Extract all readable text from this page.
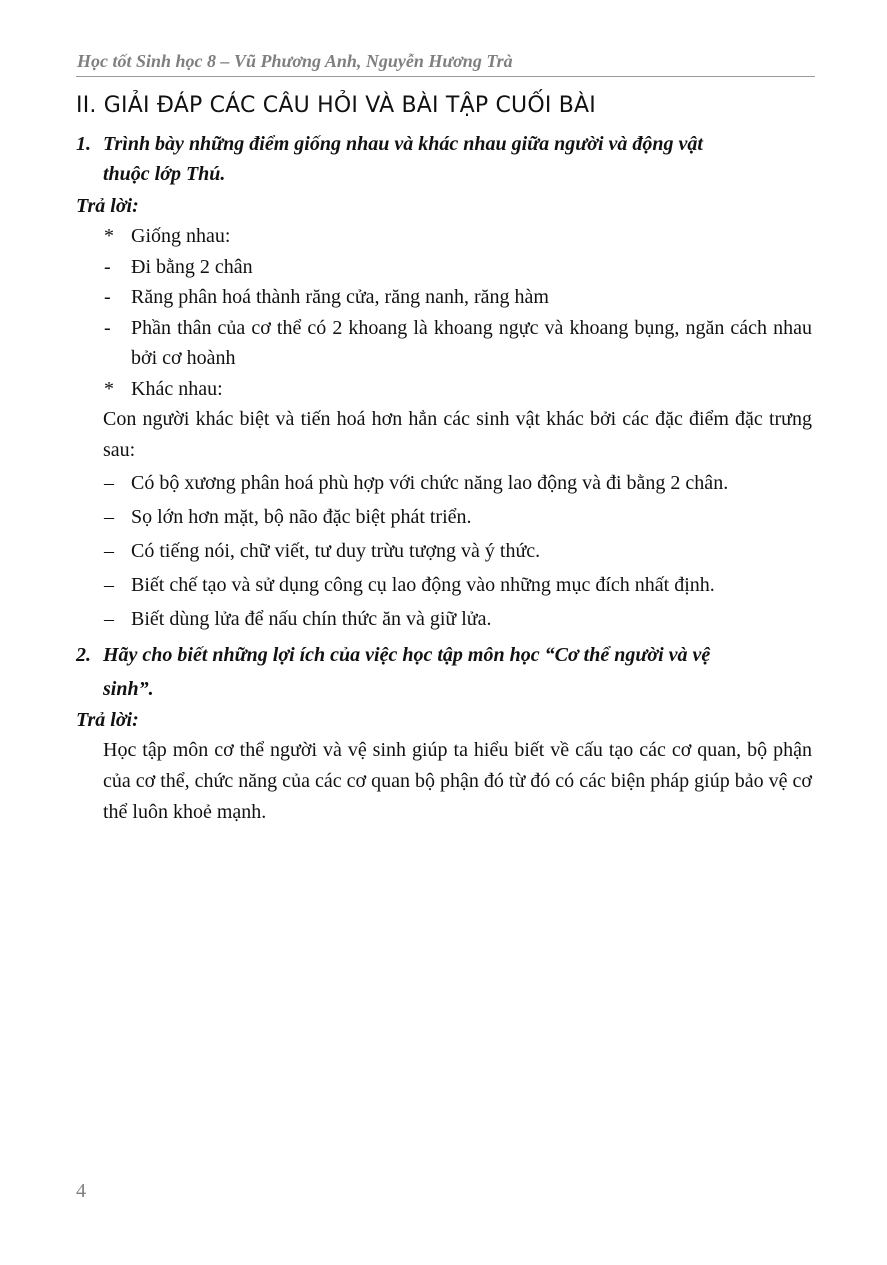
Học tốt Sinh học 8 – Vũ Phương Anh, Nguyễn Hương Trà
II. GIẢI ĐÁP CÁC CÂU HỎI VÀ BÀI TẬP CUỐI BÀI
1. Trình bày những điểm giống nhau và khác nhau giữa người và động vật
thuộc lớp Thú.
Trả lời:
* Giống nhau:
- Đi bằng 2 chân
- Răng phân hoá thành răng cửa, răng nanh, răng hàm
- Phần thân của cơ thể có 2 khoang là khoang ngực và khoang bụng, ngăn cách nhau bởi cơ hoành
* Khác nhau:
Con người khác biệt và tiến hoá hơn hẳn các sinh vật khác bởi các đặc điểm đặc trưng sau:
– Có bộ xương phân hoá phù hợp với chức năng lao động và đi bằng 2 chân.
– Sọ lớn hơn mặt, bộ não đặc biệt phát triển.
– Có tiếng nói, chữ viết, tư duy trừu tượng và ý thức.
– Biết chế tạo và sử dụng công cụ lao động vào những mục đích nhất định.
– Biết dùng lửa để nấu chín thức ăn và giữ lửa.
2. Hãy cho biết những lợi ích của việc học tập môn học “Cơ thể người và vệ
sinh”.
Trả lời:
Học tập môn cơ thể người và vệ sinh giúp ta hiểu biết về cấu tạo các cơ quan, bộ phận của cơ thể, chức năng của các cơ quan bộ phận đó từ đó có các biện pháp giúp bảo vệ cơ thể luôn khoẻ mạnh.
4
